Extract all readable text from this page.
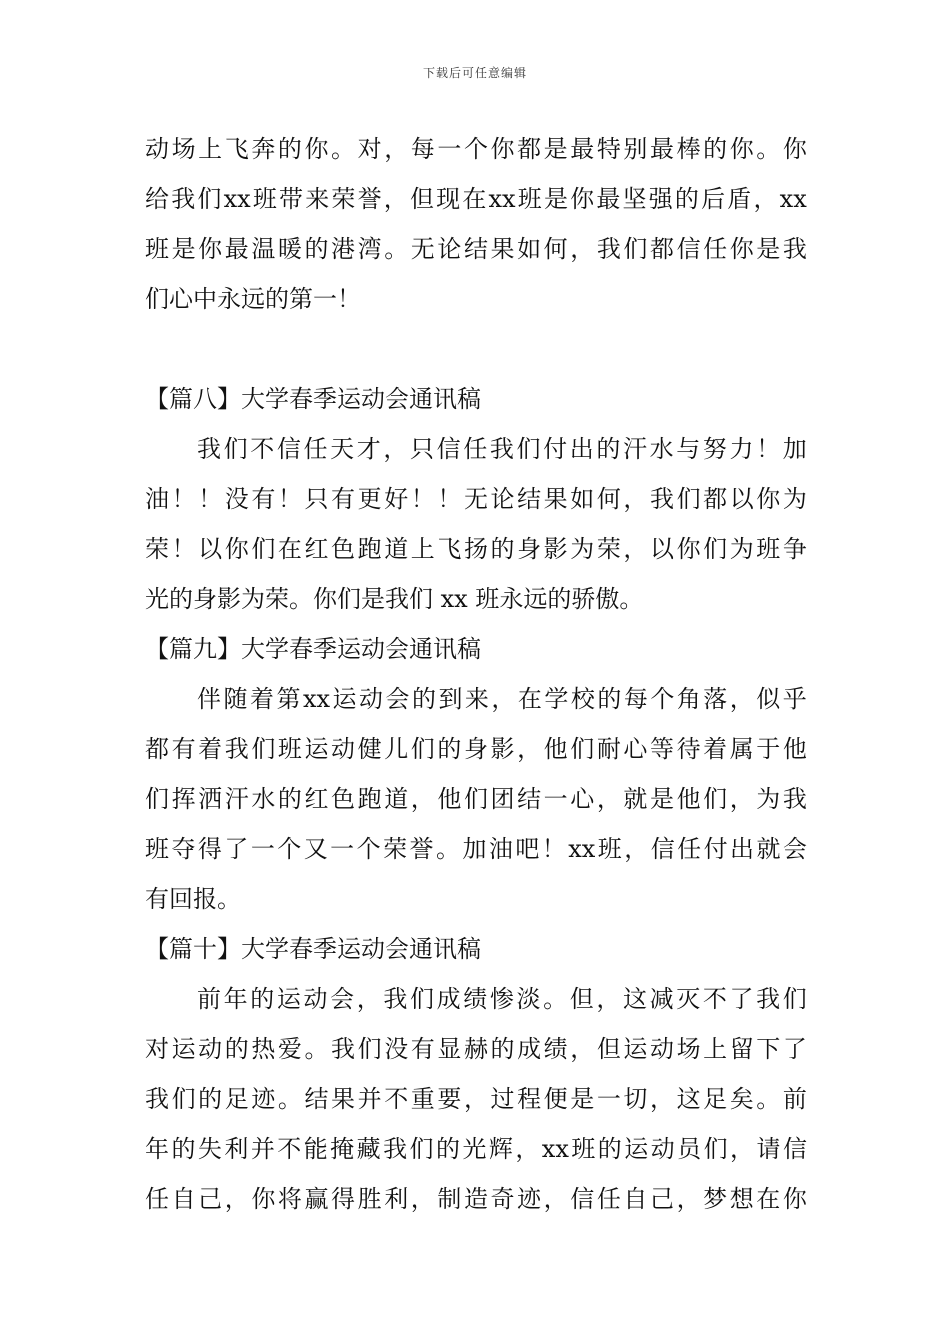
下载后可任意编辑
动 场 上 飞 奔 的 你 。 对 ， 每 一 个 你 都 是 最 特 别 最 棒 的 你 。 你
给 我 们 xx 班 带 来 荣 誉 ， 但 现 在 xx 班 是 你 最 坚 强 的 后 盾 ， xx
班 是 你 最 温 暖 的 港 湾 。 无 论 结 果 如 何 ， 我 们 都 信 任 你 是 我
们心中永远的第一！
【篇八】大学春季运动会通讯稿
我 们 不 信 任 天 才 ， 只 信 任 我 们 付 出 的 汗 水 与 努 力 ！ 加
油 ！ ！ 没 有 ！ 只 有 更 好 ！ ！ 无 论 结 果 如 何 ， 我 们 都 以 你 为
荣 ！ 以 你 们 在 红 色 跑 道 上 飞 扬 的 身 影 为 荣 ， 以 你 们 为 班 争
光的身影为荣。你们是我们 xx 班永远的骄傲。
【篇九】大学春季运动会通讯稿
伴 随 着 第 xx 运 动 会 的 到 来 ， 在 学 校 的 每 个 角 落 ， 似 乎
都 有 着 我 们 班 运 动 健 儿 们 的 身 影 ， 他 们 耐 心 等 待 着 属 于 他
们 挥 洒 汗 水 的 红 色 跑 道 ， 他 们 团 结 一 心 ， 就 是 他 们 ， 为 我
班 夺 得 了 一 个 又 一 个 荣 誉 。 加 油 吧 ！ xx 班 ， 信 任 付 出 就 会
有回报。
【篇十】大学春季运动会通讯稿
前 年 的 运 动 会 ， 我 们 成 绩 惨 淡 。 但 ， 这 减 灭 不 了 我 们
对 运 动 的 热 爱 。 我 们 没 有 显 赫 的 成 绩 ， 但 运 动 场 上 留 下 了
我 们 的 足 迹 。 结 果 并 不 重 要 ， 过 程 便 是 一 切 ， 这 足 矣 。 前
年 的 失 利 并 不 能 掩 藏 我 们 的 光 辉 ， xx 班 的 运 动 员 们 ， 请 信
任 自 己 ， 你 将 赢 得 胜 利 ， 制 造 奇 迹 ， 信 任 自 己 ， 梦 想 在 你
